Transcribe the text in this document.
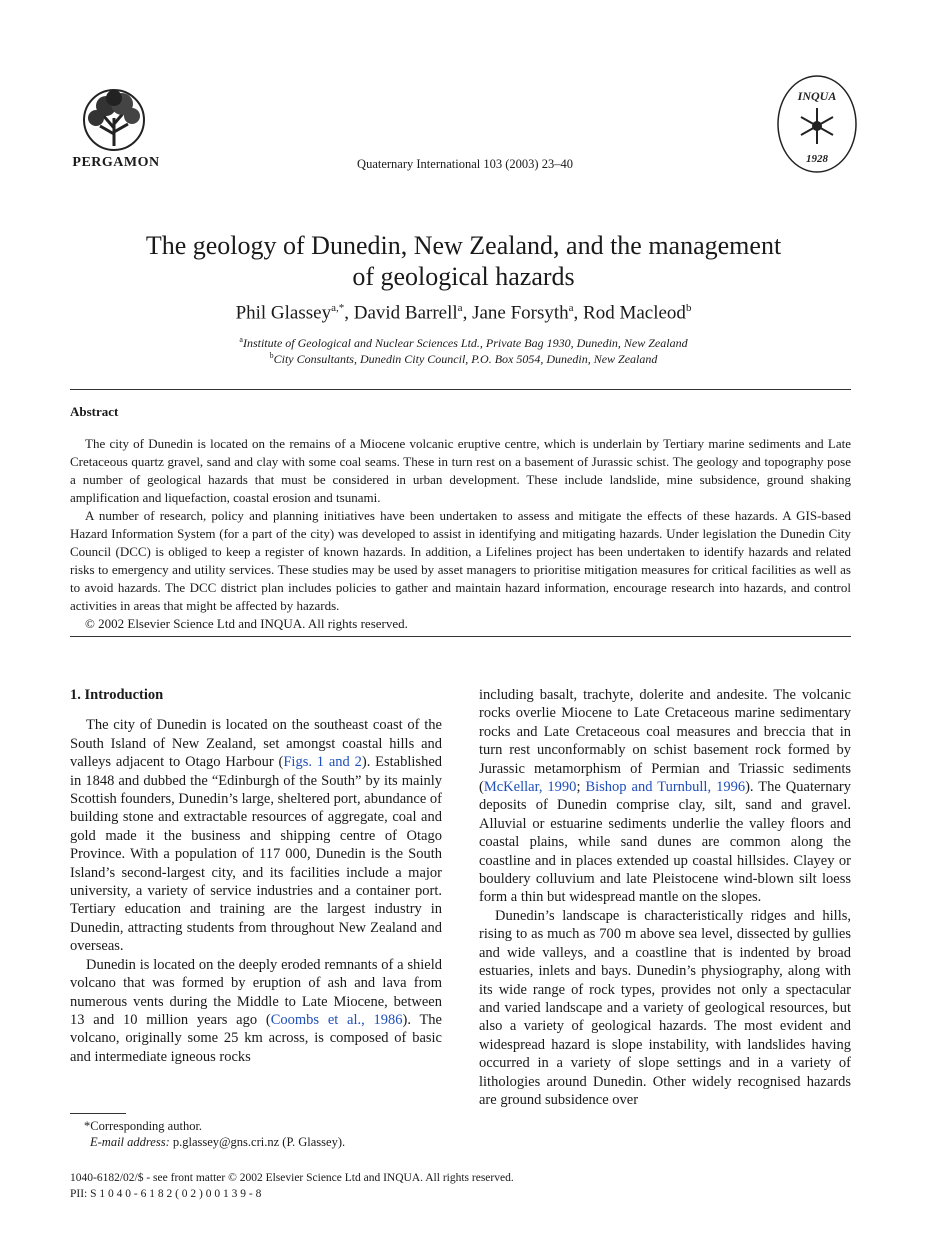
PERGAMON	Quaternary International 103 (2003) 23–40
INQUA
1928
The geology of Dunedin, New Zealand, and the management
of geological hazards
Phil Glassey$^{a,*}$, David Barrell$^a$, Jane Forsyth$^a$, Rod Macleod$^b$
$^a$Institute of Geological and Nuclear Sciences Ltd., Private Bag 1930, Dunedin, New Zealand
$^b$City Consultants, Dunedin City Council, P.O. Box 5054, Dunedin, New Zealand
Abstract

The city of Dunedin is located on the remains of a Miocene volcanic eruptive centre, which is underlain by Tertiary marine sediments and Late Cretaceous quartz gravel, sand and clay with some coal seams. These in turn rest on a basement of Jurassic schist. The geology and topography pose a number of geological hazards that must be considered in urban development. These include landslide, mine subsidence, ground shaking amplification and liquefaction, coastal erosion and tsunami.

A number of research, policy and planning initiatives have been undertaken to assess and mitigate the effects of these hazards. A GIS-based Hazard Information System (for a part of the city) was developed to assist in identifying and mitigating hazards. Under legislation the Dunedin City Council (DCC) is obliged to keep a register of known hazards. In addition, a Lifelines project has been undertaken to identify hazards and related risks to emergency and utility services. These studies may be used by asset managers to prioritise mitigation measures for critical facilities as well as to avoid hazards. The DCC district plan includes policies to gather and maintain hazard information, encourage research into hazards, and control activities in areas that might be affected by hazards.

© 2002 Elsevier Science Ltd and INQUA. All rights reserved.

1. Introduction

The city of Dunedin is located on the southeast coast of the South Island of New Zealand, set amongst coastal hills and valleys adjacent to Otago Harbour (Figs. 1 and 2). Established in 1848 and dubbed the “Edinburgh of the South” by its mainly Scottish founders, Dunedin’s large, sheltered port, abundance of building stone and extractable resources of aggregate, coal and gold made it the business and shipping centre of Otago Province. With a population of 117 000, Dunedin is the South Island’s second-largest city, and its facilities include a major university, a variety of service industries and a container port. Tertiary education and training are the largest industry in Dunedin, attracting students from throughout New Zealand and overseas.

Dunedin is located on the deeply eroded remnants of a shield volcano that was formed by eruption of ash and lava from numerous vents during the Middle to Late Miocene, between 13 and 10 million years ago (Coombs et al., 1986). The volcano, originally some 25 km across, is composed of basic and intermediate igneous rocks

including basalt, trachyte, dolerite and andesite. The volcanic rocks overlie Miocene to Late Cretaceous marine sedimentary rocks and Late Cretaceous coal measures and breccia that in turn rest unconformably on schist basement rock formed by Jurassic metamorphism of Permian and Triassic sediments (McKellar, 1990; Bishop and Turnbull, 1996). The Quaternary deposits of Dunedin comprise clay, silt, sand and gravel. Alluvial or estuarine sediments underlie the valley floors and coastal plains, while sand dunes are common along the coastline and in places extended up coastal hillsides. Clayey or bouldery colluvium and late Pleistocene wind-blown silt loess form a thin but widespread mantle on the slopes.

Dunedin’s landscape is characteristically ridges and hills, rising to as much as 700 m above sea level, dissected by gullies and wide valleys, and a coastline that is indented by broad estuaries, inlets and bays. Dunedin’s physiography, along with its wide range of rock types, provides not only a spectacular and varied landscape and a variety of geological resources, but also a variety of geological hazards. The most evident and widespread hazard is slope instability, with landslides having occurred in a variety of slope settings and in a variety of lithologies around Dunedin. Other widely recognised hazards are ground subsidence over

*Corresponding author.
E-mail address: p.glassey@gns.cri.nz (P. Glassey).
1040-6182/02/$ - see front matter © 2002 Elsevier Science Ltd and INQUA. All rights reserved.
PII: S 1 0 4 0 - 6 1 8 2 ( 0 2 ) 0 0 1 3 9 - 8
